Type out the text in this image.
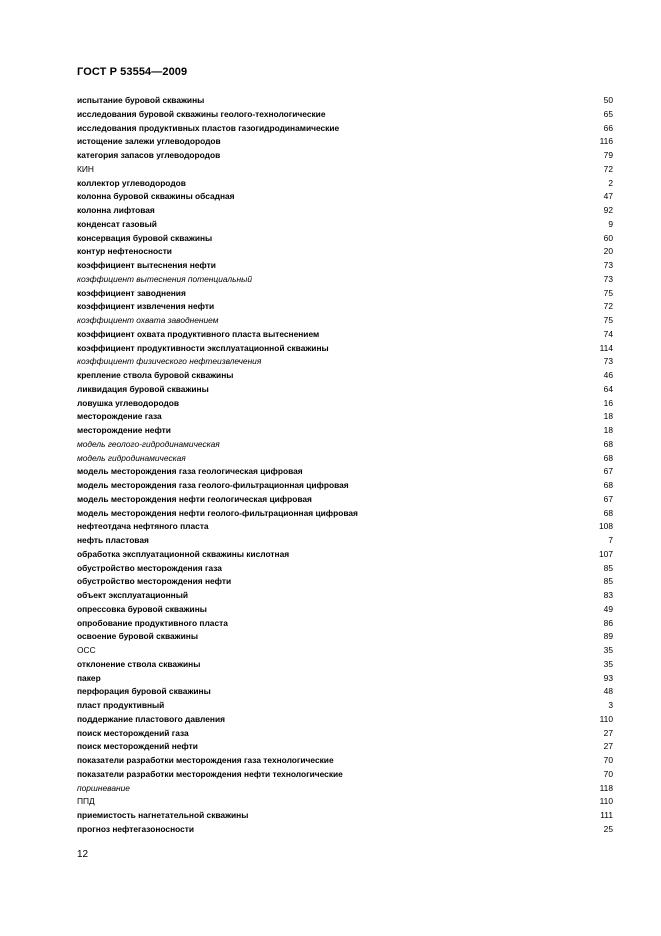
ГОСТ Р 53554—2009
испытание буровой скважины	50
исследования буровой скважины геолого-технологические	65
исследования продуктивных пластов газогидродинамические	66
истощение залежи углеводородов	116
категория запасов углеводородов	79
КИН	72
коллектор углеводородов	2
колонна буровой скважины обсадная	47
колонна лифтовая	92
конденсат газовый	9
консервация буровой скважины	60
контур нефтеносности	20
коэффициент вытеснения нефти	73
коэффициент вытеснения потенциальный	73
коэффициент заводнения	75
коэффициент извлечения нефти	72
коэффициент охвата заводнением	75
коэффициент охвата продуктивного пласта вытеснением	74
коэффициент продуктивности эксплуатационной скважины	114
коэффициент физического нефтеизвлечения	73
крепление ствола буровой скважины	46
ликвидация буровой скважины	64
ловушка углеводородов	16
месторождение газа	18
месторождение нефти	18
модель геолого-гидродинамическая	68
модель гидродинамическая	68
модель месторождения газа геологическая цифровая	67
модель месторождения газа геолого-фильтрационная цифровая	68
модель месторождения нефти геологическая цифровая	67
модель месторождения нефти геолого-фильтрационная цифровая	68
нефтеотдача нефтяного пласта	108
нефть пластовая	7
обработка эксплуатационной скважины кислотная	107
обустройство месторождения газа	85
обустройство месторождения нефти	85
объект эксплуатационный	83
опрессовка буровой скважины	49
опробование продуктивного пласта	86
освоение буровой скважины	89
ОСС	35
отклонение ствола скважины	35
пакер	93
перфорация буровой скважины	48
пласт продуктивный	3
поддержание пластового давления	110
поиск месторождений газа	27
поиск месторождений нефти	27
показатели разработки месторождения газа технологические	70
показатели разработки месторождения нефти технологические	70
поршневание	118
ППД	110
приемистость нагнетательной скважины	111
прогноз нефтегазоносности	25
12
